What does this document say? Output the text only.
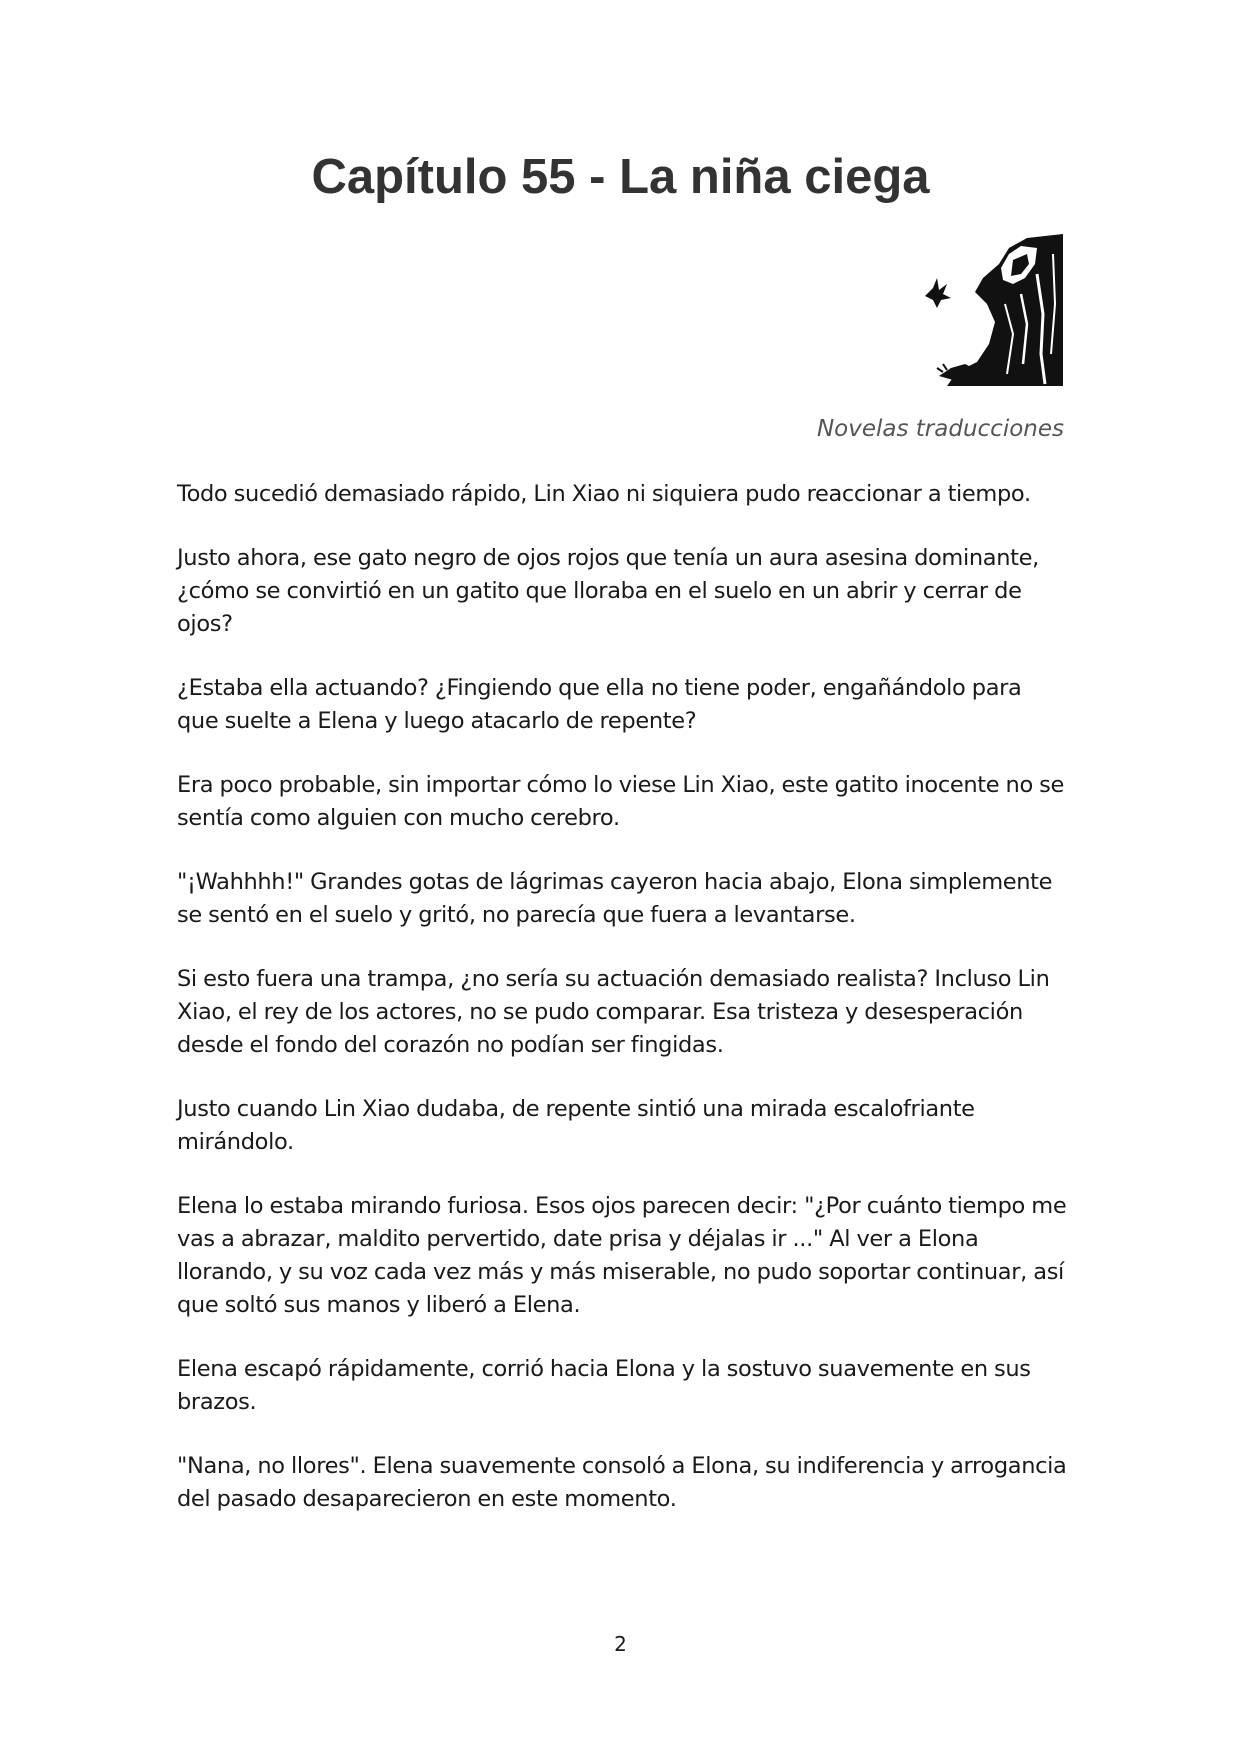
Capítulo 55 - La niña ciega
Novelas traducciones

Todo sucedió demasiado rápido, Lin Xiao ni siquiera pudo reaccionar a tiempo.

Justo ahora, ese gato negro de ojos rojos que tenía un aura asesina dominante, ¿cómo se convirtió en un gatito que lloraba en el suelo en un abrir y cerrar de ojos?

¿Estaba ella actuando? ¿Fingiendo que ella no tiene poder, engañándolo para que suelte a Elena y luego atacarlo de repente?

Era poco probable, sin importar cómo lo viese Lin Xiao, este gatito inocente no se sentía como alguien con mucho cerebro.

"¡Wahhhh!" Grandes gotas de lágrimas cayeron hacia abajo, Elona simplemente se sentó en el suelo y gritó, no parecía que fuera a levantarse.

Si esto fuera una trampa, ¿no sería su actuación demasiado realista? Incluso Lin Xiao, el rey de los actores, no se pudo comparar. Esa tristeza y desesperación desde el fondo del corazón no podían ser fingidas.

Justo cuando Lin Xiao dudaba, de repente sintió una mirada escalofriante mirándolo.

Elena lo estaba mirando furiosa. Esos ojos parecen decir: "¿Por cuánto tiempo me vas a abrazar, maldito pervertido, date prisa y déjalas ir ..." Al ver a Elona llorando, y su voz cada vez más y más miserable, no pudo soportar continuar, así que soltó sus manos y liberó a Elena.

Elena escapó rápidamente, corrió hacia Elona y la sostuvo suavemente en sus brazos.

"Nana, no llores". Elena suavemente consoló a Elona, su indiferencia y arrogancia del pasado desaparecieron en este momento.

2
